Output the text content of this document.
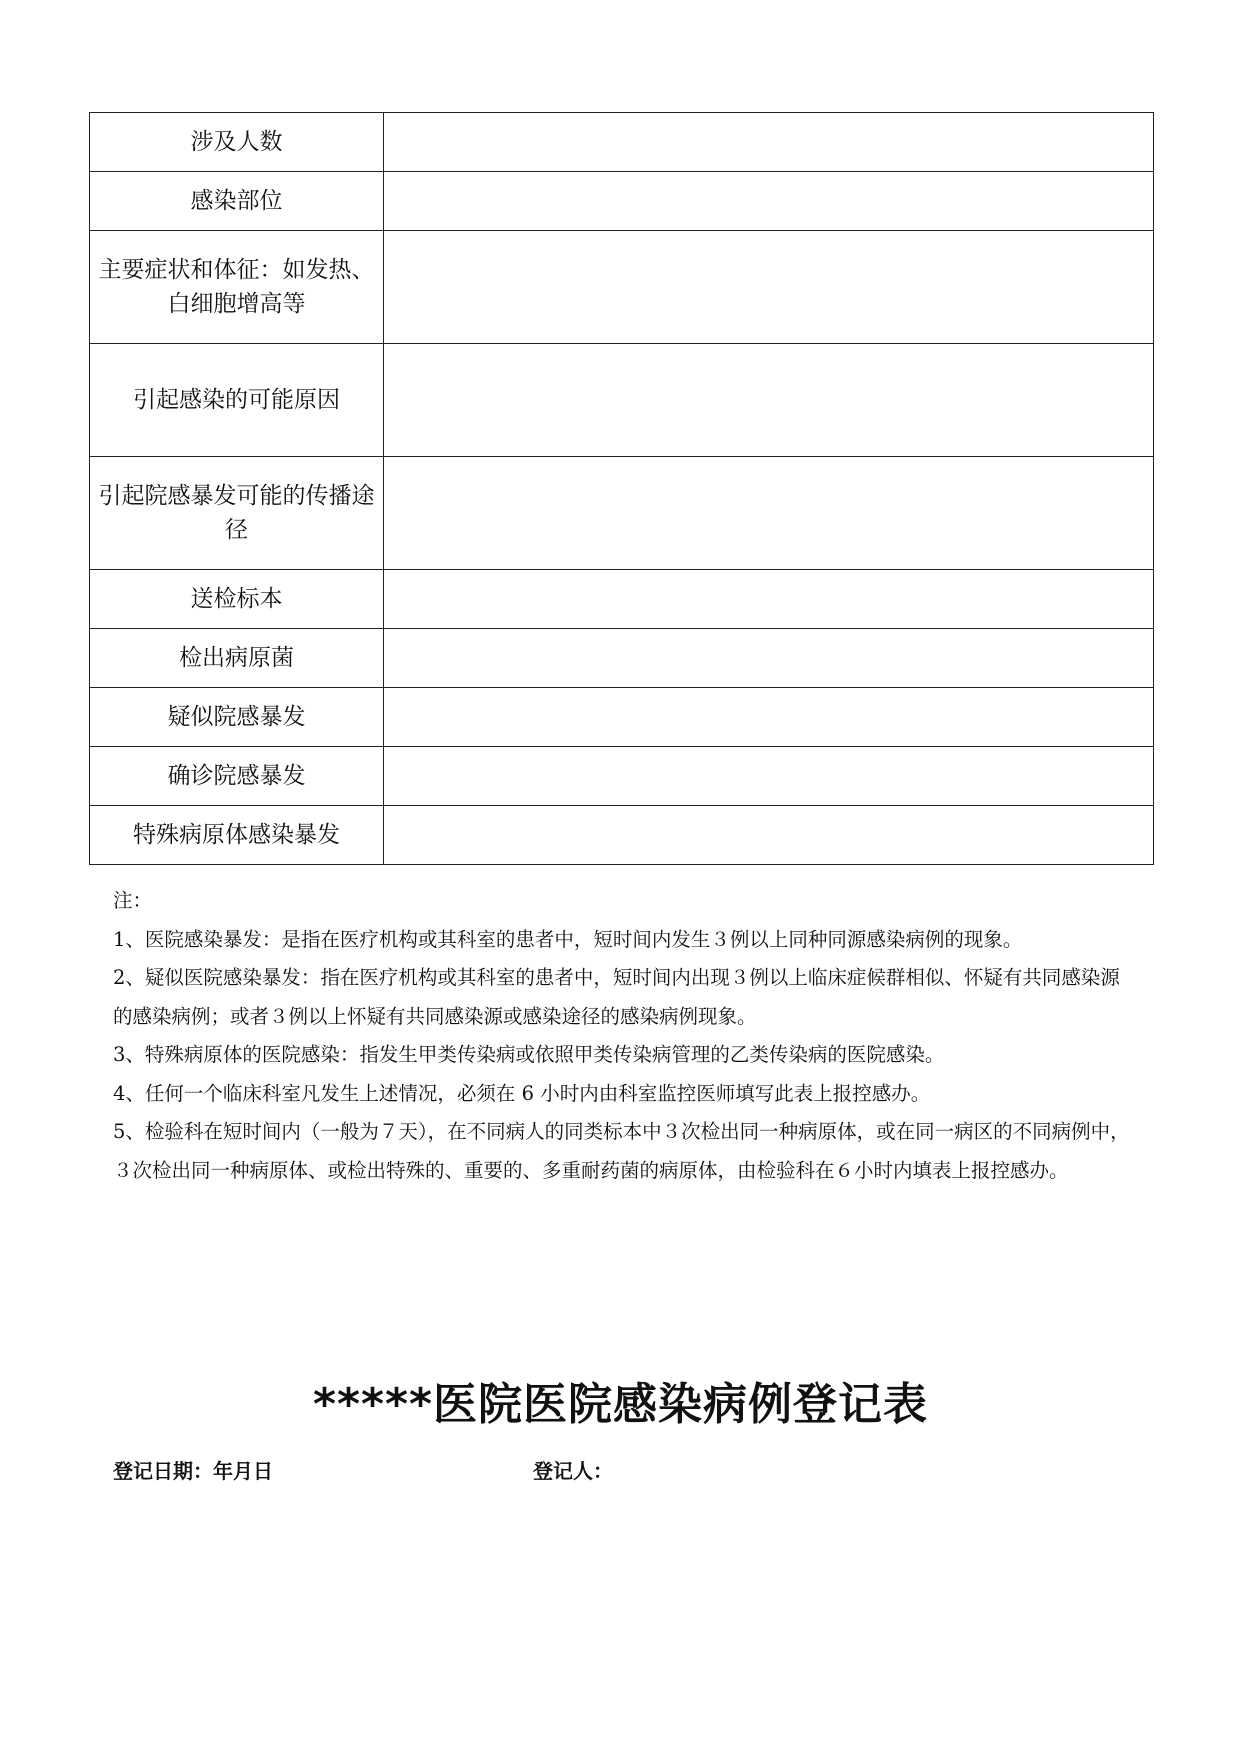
涉及人数	
感染部位	
主要症状和体征：如发热、白细胞增高等	
引起感染的可能原因	
引起院感暴发可能的传播途径	
送检标本	
检出病原菌	
疑似院感暴发	
确诊院感暴发	
特殊病原体感染暴发	

注：

1、医院感染暴发：是指在医疗机构或其科室的患者中，短时间内发生３例以上同种同源感染病例的现象。

2、疑似医院感染暴发：指在医疗机构或其科室的患者中，短时间内出现３例以上临床症候群相似、怀疑有共同感染源的感染病例；或者３例以上怀疑有共同感染源或感染途径的感染病例现象。

3、特殊病原体的医院感染：指发生甲类传染病或依照甲类传染病管理的乙类传染病的医院感染。

4、任何一个临床科室凡发生上述情况，必须在 6 小时内由科室监控医师填写此表上报控感办。

5、检验科在短时间内（一般为７天），在不同病人的同类标本中３次检出同一种病原体，或在同一病区的不同病例中，３次检出同一种病原体、或检出特殊的、重要的、多重耐药菌的病原体，由检验科在６小时内填表上报控感办。

*****医院医院感染病例登记表
登记日期：年月日	登记人：
